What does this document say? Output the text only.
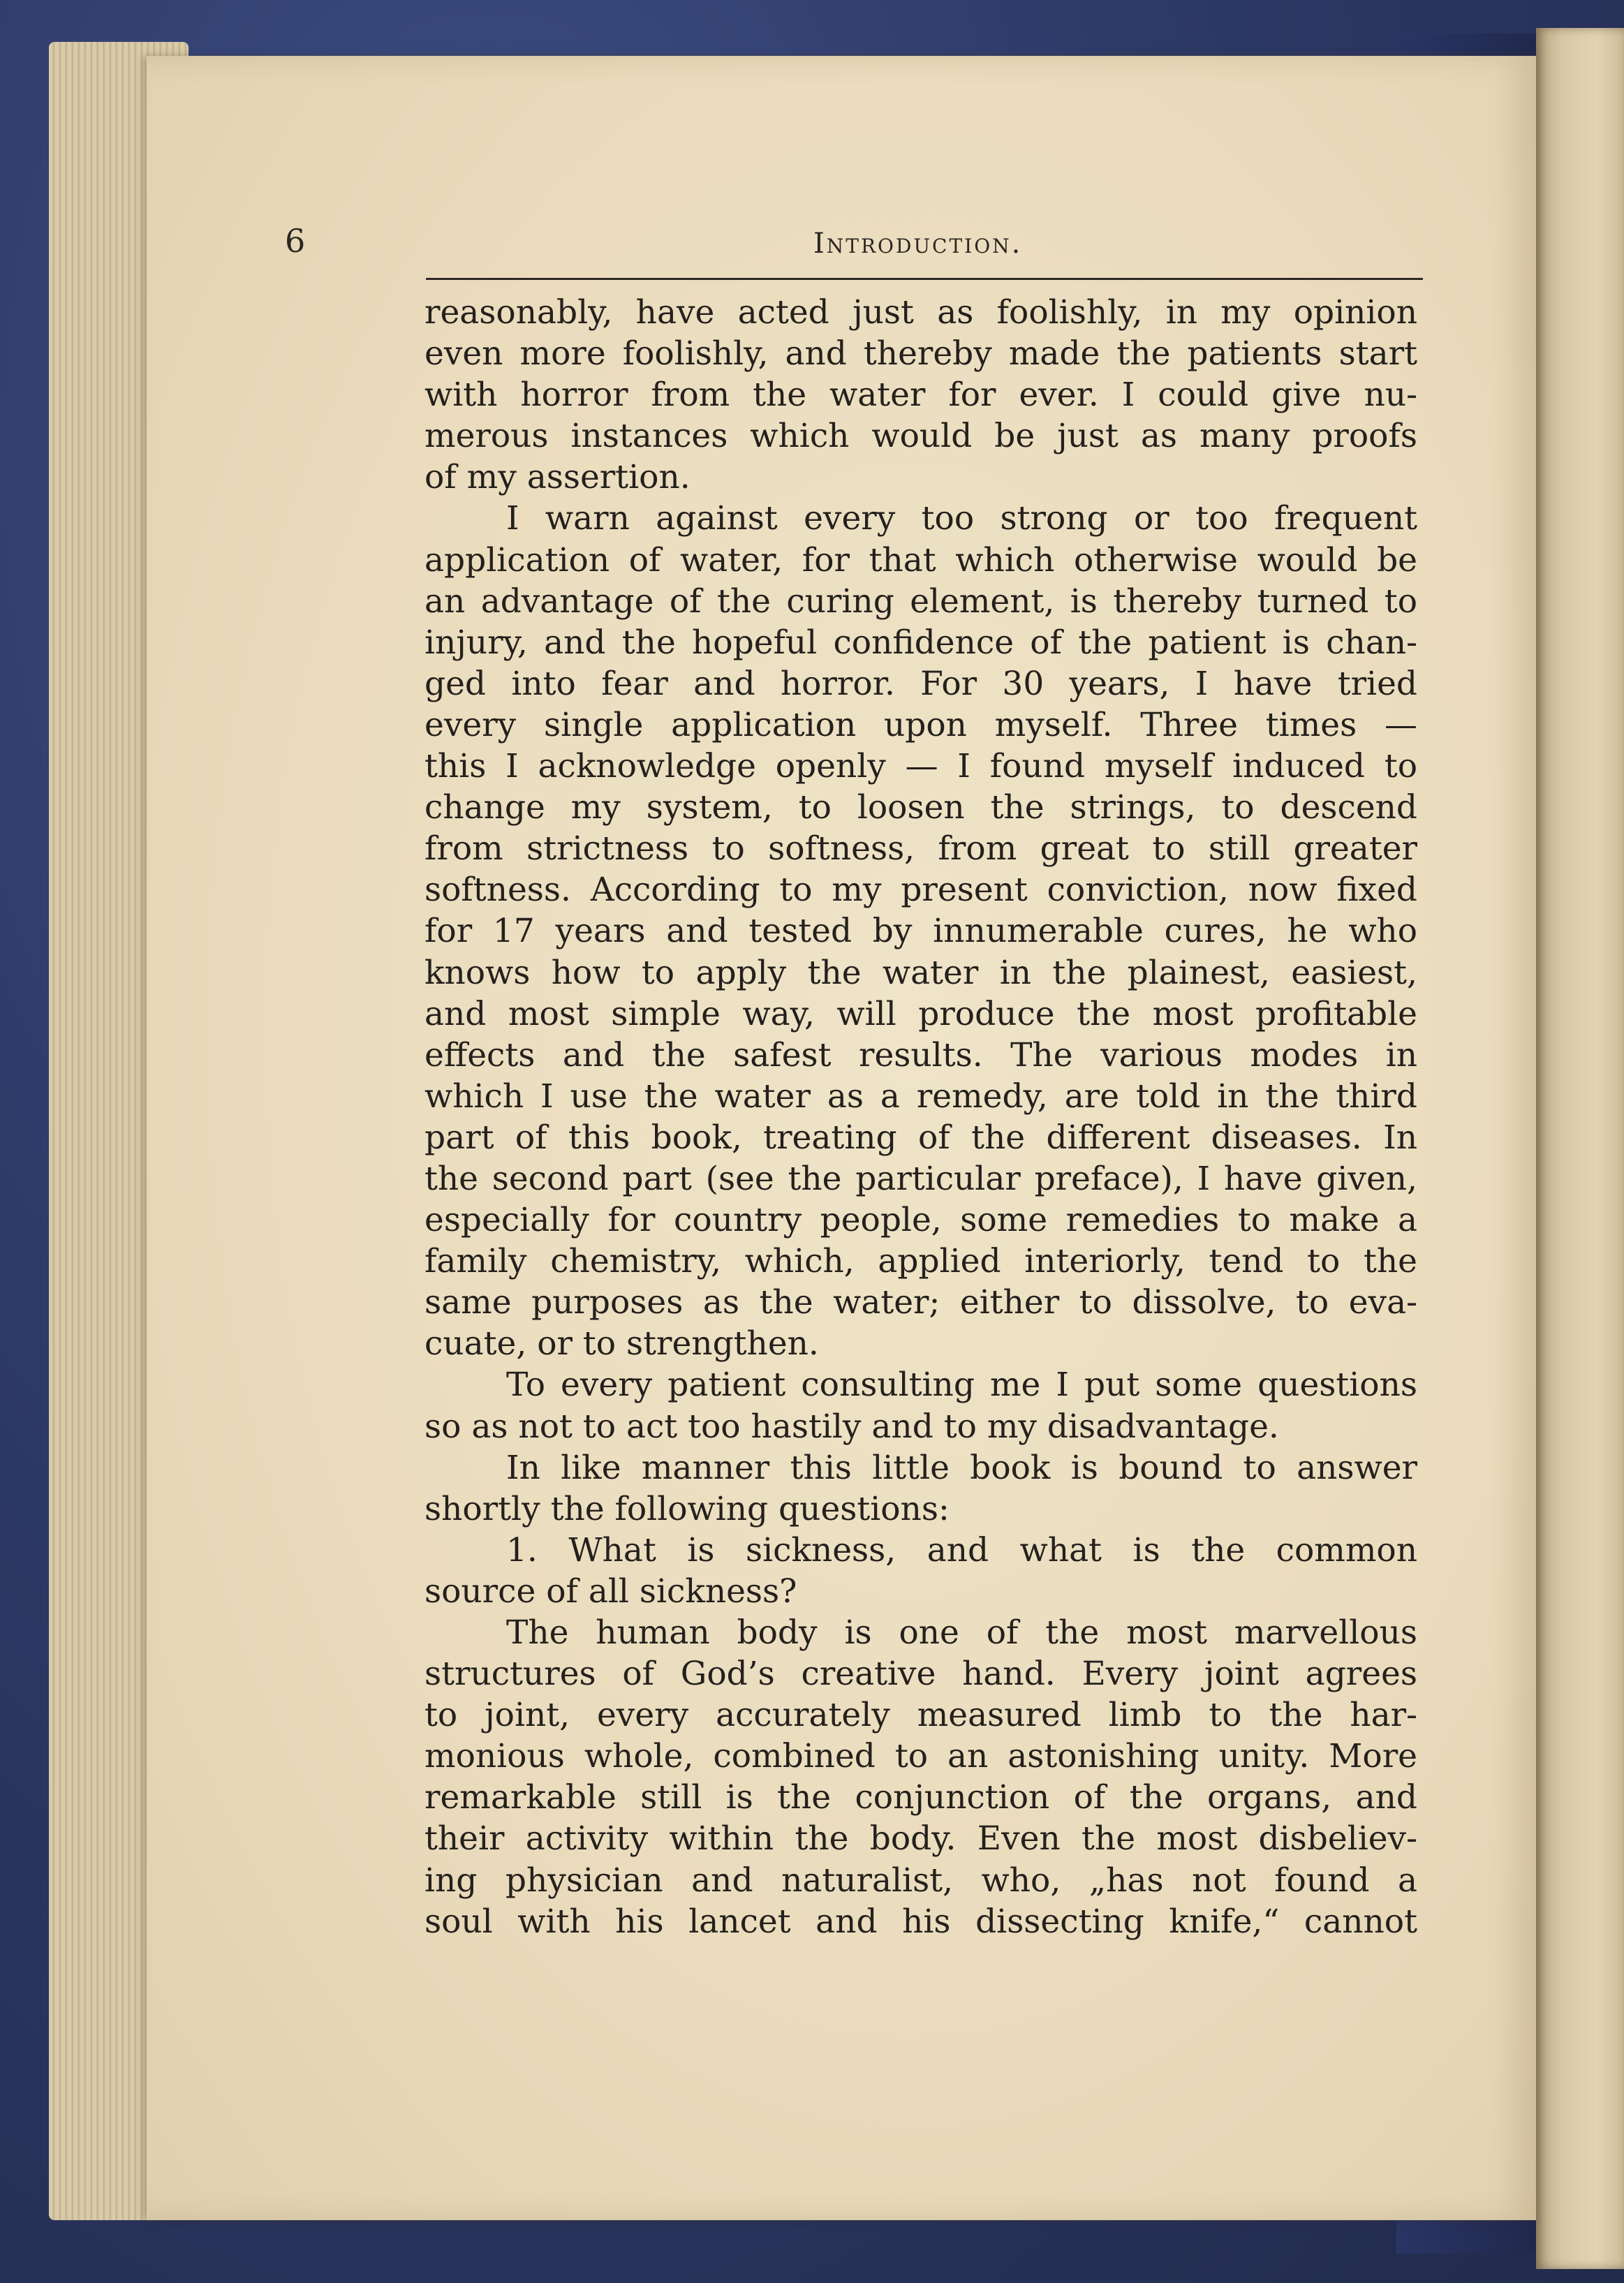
6	Introduction.
reasonably, have acted just as foolishly, in my opinion
even more foolishly, and thereby made the patients start
with horror from the water for ever. I could give nu-
merous instances which would be just as many proofs
of my assertion.
I warn against every too strong or too frequent
application of water, for that which otherwise would be
an advantage of the curing element, is thereby turned to
injury, and the hopeful confidence of the patient is chan-
ged into fear and horror. For 30 years, I have tried
every single application upon myself. Three times —
this I acknowledge openly — I found myself induced to
change my system, to loosen the strings, to descend
from strictness to softness, from great to still greater
softness. According to my present conviction, now fixed
for 17 years and tested by innumerable cures, he who
knows how to apply the water in the plainest, easiest,
and most simple way, will produce the most profitable
effects and the safest results. The various modes in
which I use the water as a remedy, are told in the third
part of this book, treating of the different diseases. In
the second part (see the particular preface), I have given,
especially for country people, some remedies to make a
family chemistry, which, applied interiorly, tend to the
same purposes as the water; either to dissolve, to eva-
cuate, or to strengthen.
To every patient consulting me I put some questions
so as not to act too hastily and to my disadvantage.
In like manner this little book is bound to answer
shortly the following questions:
1. What is sickness, and what is the common
source of all sickness?
The human body is one of the most marvellous
structures of God’s creative hand. Every joint agrees
to joint, every accurately measured limb to the har-
monious whole, combined to an astonishing unity. More
remarkable still is the conjunction of the organs, and
their activity within the body. Even the most disbeliev-
ing physician and naturalist, who, „has not found a
soul with his lancet and his dissecting knife,“ cannot
